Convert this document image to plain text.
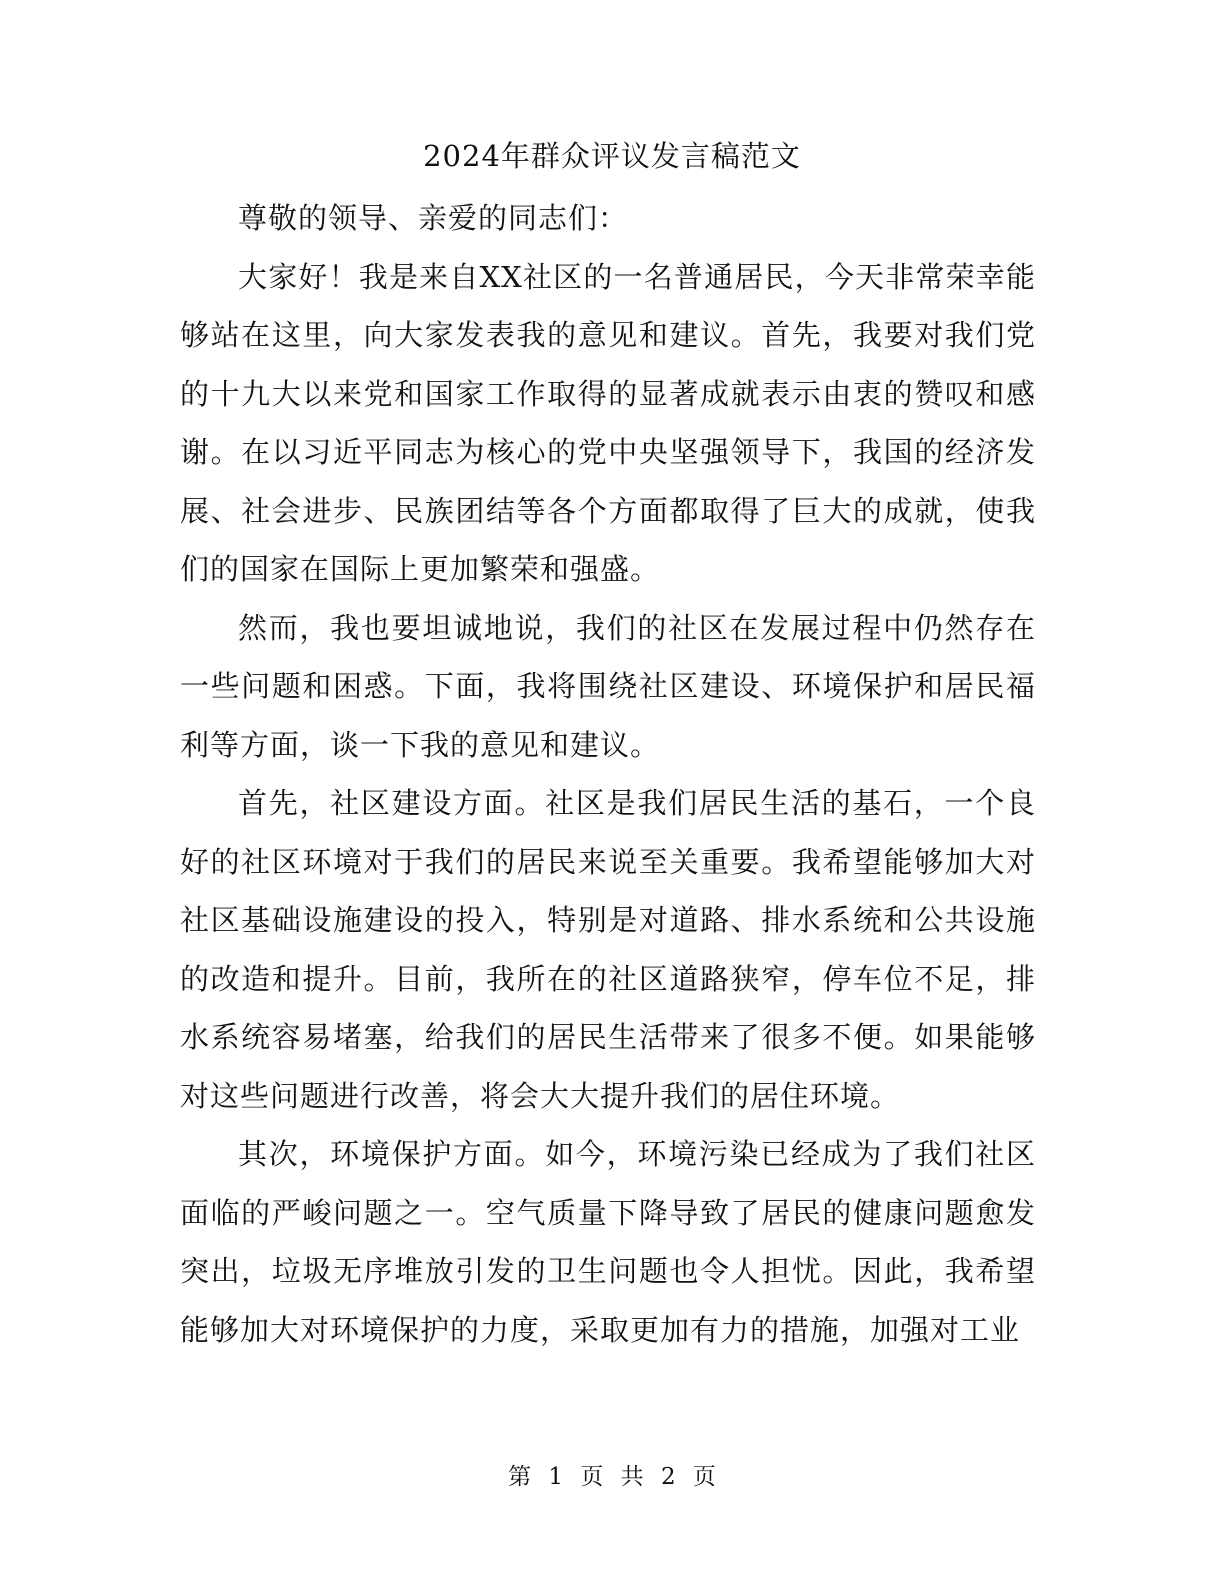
2024年群众评议发言稿范文

尊敬的领导、亲爱的同志们：

大家好！我是来自XX社区的一名普通居民，今天非常荣幸能够站在这里，向大家发表我的意见和建议。首先，我要对我们党的十九大以来党和国家工作取得的显著成就表示由衷的赞叹和感谢。在以习近平同志为核心的党中央坚强领导下，我国的经济发展、社会进步、民族团结等各个方面都取得了巨大的成就，使我们的国家在国际上更加繁荣和强盛。

然而，我也要坦诚地说，我们的社区在发展过程中仍然存在一些问题和困惑。下面，我将围绕社区建设、环境保护和居民福利等方面，谈一下我的意见和建议。

首先，社区建设方面。社区是我们居民生活的基石，一个良好的社区环境对于我们的居民来说至关重要。我希望能够加大对社区基础设施建设的投入，特别是对道路、排水系统和公共设施的改造和提升。目前，我所在的社区道路狭窄，停车位不足，排水系统容易堵塞，给我们的居民生活带来了很多不便。如果能够对这些问题进行改善，将会大大提升我们的居住环境。

其次，环境保护方面。如今，环境污染已经成为了我们社区面临的严峻问题之一。空气质量下降导致了居民的健康问题愈发突出，垃圾无序堆放引发的卫生问题也令人担忧。因此，我希望能够加大对环境保护的力度，采取更加有力的措施，加强对工业

第 1 页 共 2 页
